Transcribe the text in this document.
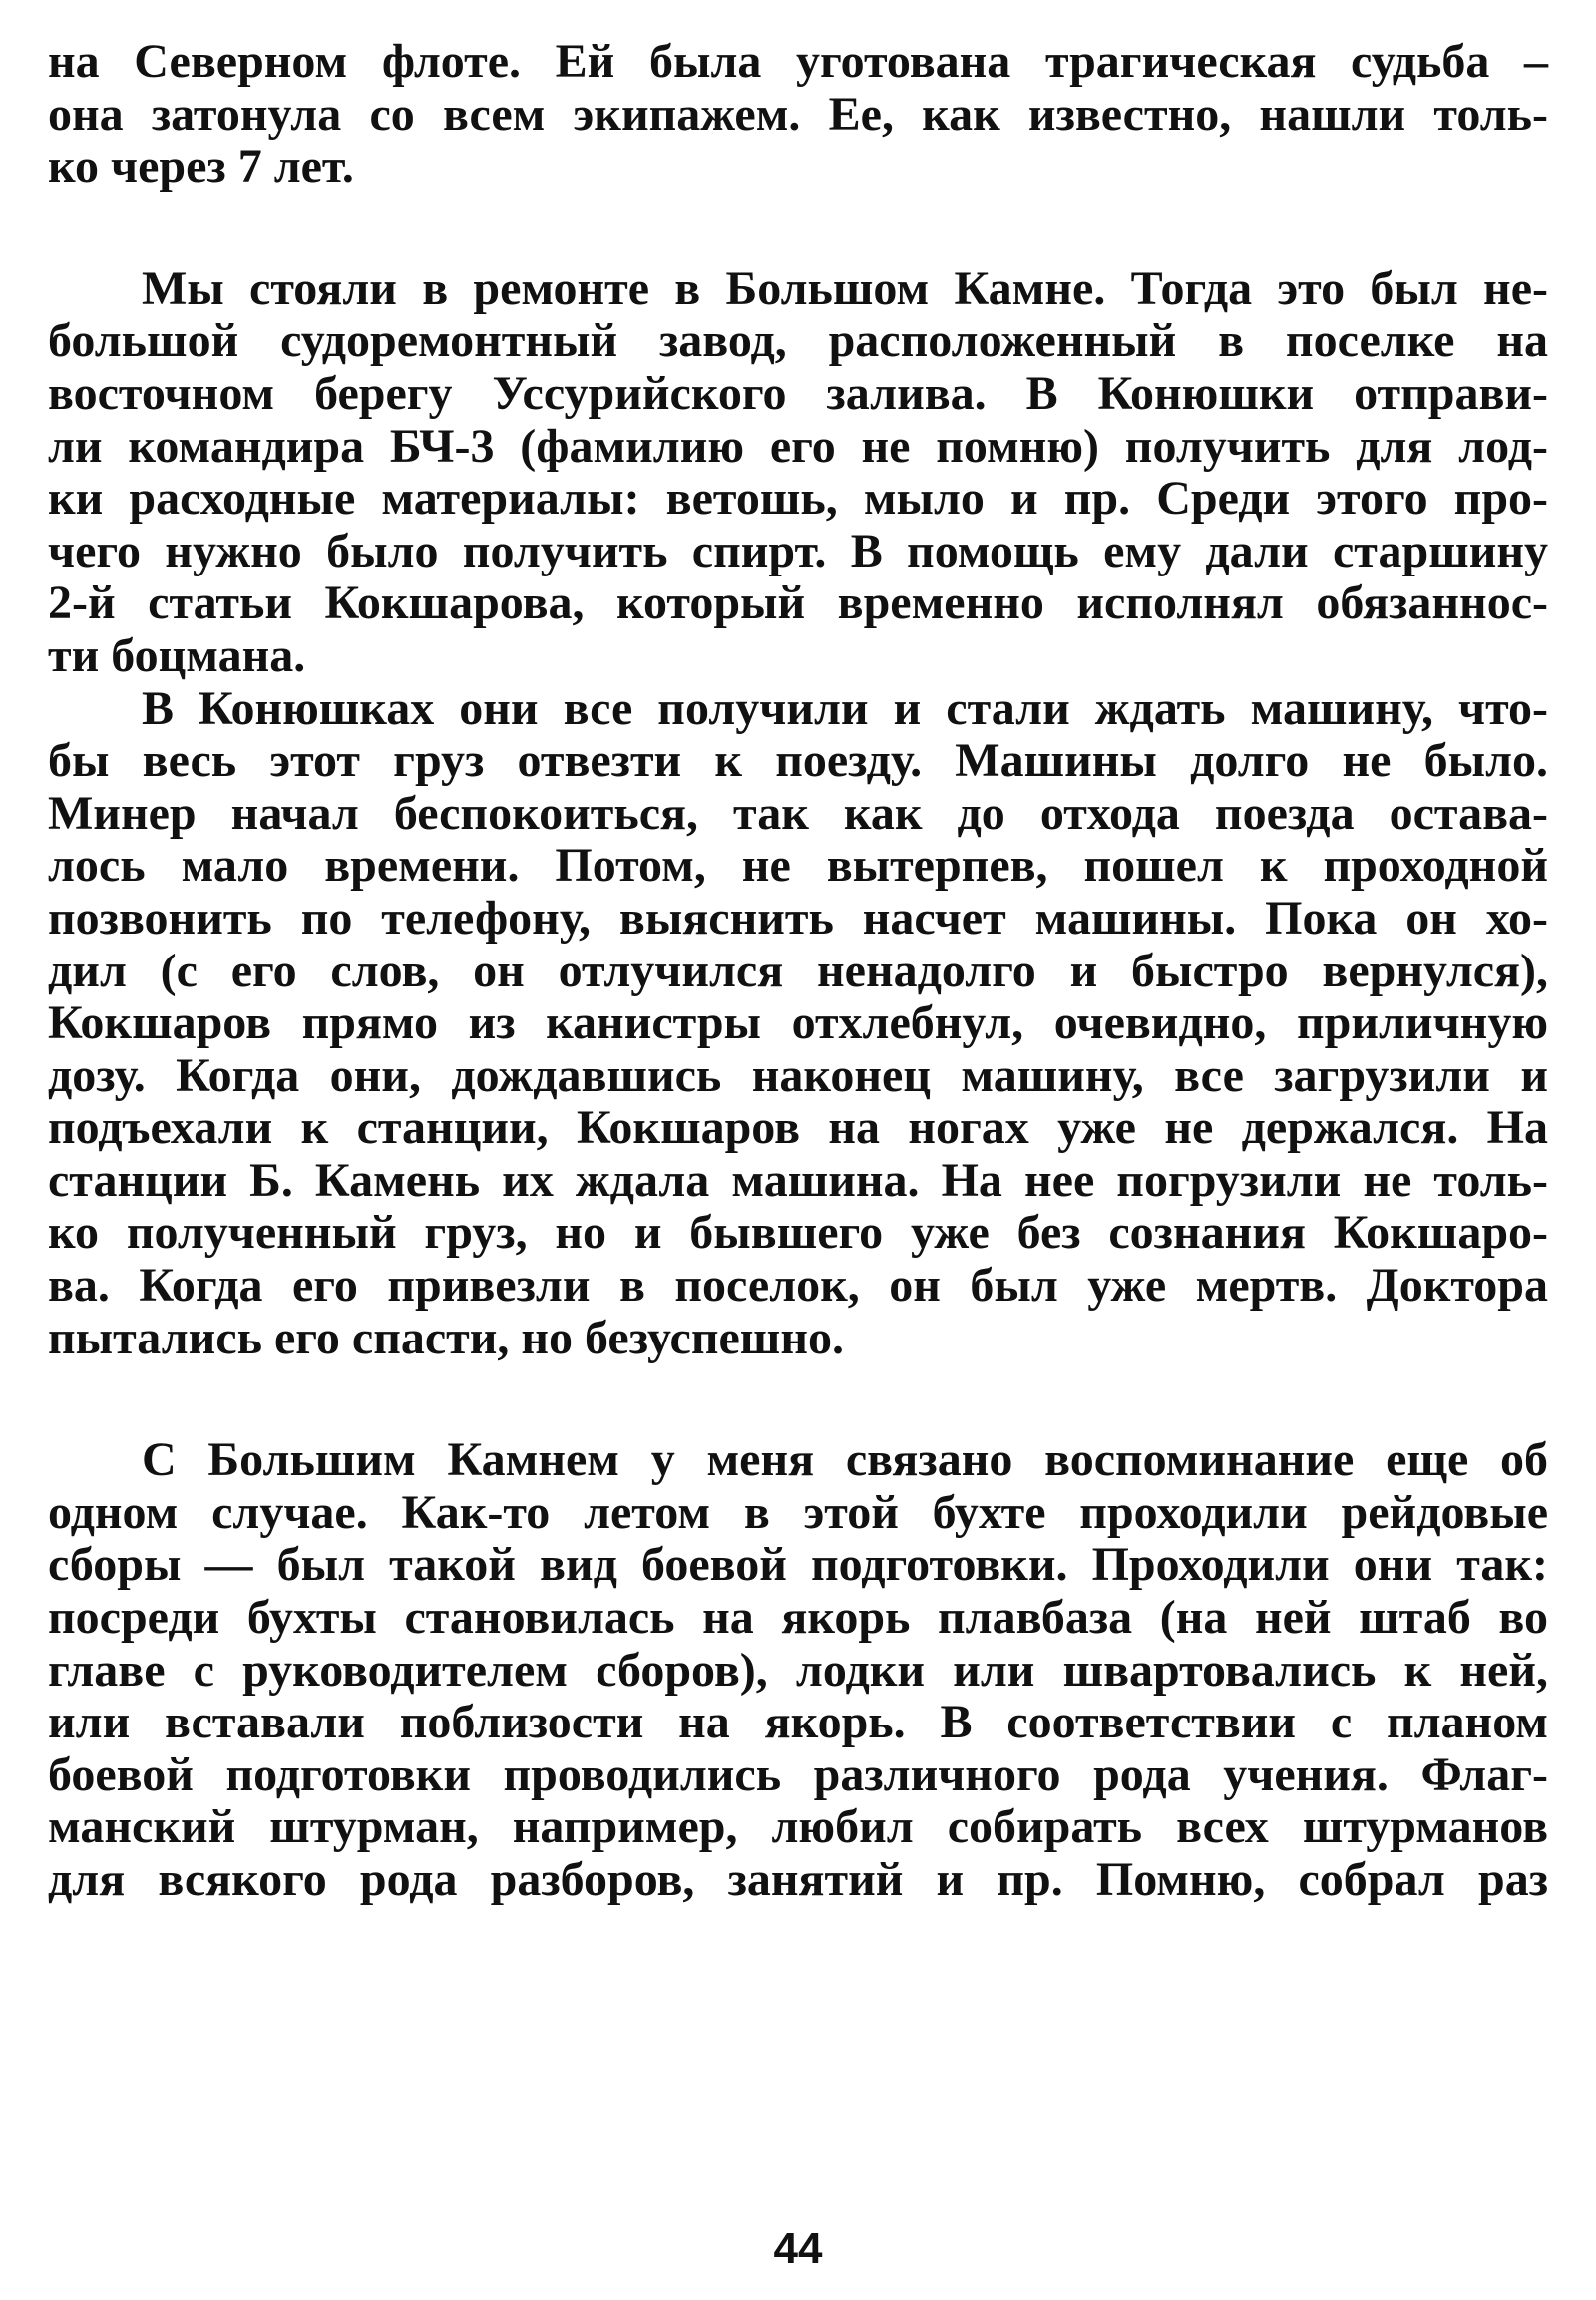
на Северном флоте. Ей была уготована трагическая судьба –
она затонула со всем экипажем. Ее, как известно, нашли толь-
ко через 7 лет.
Мы стояли в ремонте в Большом Камне. Тогда это был не-
большой судоремонтный завод, расположенный в поселке на
восточном берегу Уссурийского залива. В Конюшки отправи-
ли командира БЧ-3 (фамилию его не помню) получить для лод-
ки расходные материалы: ветошь, мыло и пр. Среди этого про-
чего нужно было получить спирт. В помощь ему дали старшину
2-й статьи Кокшарова, который временно исполнял обязаннос-
ти боцмана.
В Конюшках они все получили и стали ждать машину, что-
бы весь этот груз отвезти к поезду. Машины долго не было.
Минер начал беспокоиться, так как до отхода поезда остава-
лось мало времени. Потом, не вытерпев, пошел к проходной
позвонить по телефону, выяснить насчет машины. Пока он хо-
дил (с его слов, он отлучился ненадолго и быстро вернулся),
Кокшаров прямо из канистры отхлебнул, очевидно, приличную
дозу. Когда они, дождавшись наконец машину, все загрузили и
подъехали к станции, Кокшаров на ногах уже не держался. На
станции Б. Камень их ждала машина. На нее погрузили не толь-
ко полученный груз, но и бывшего уже без сознания Кокшаро-
ва. Когда его привезли в поселок, он был уже мертв. Доктора
пытались его спасти, но безуспешно.
С Большим Камнем у меня связано воспоминание еще об
одном случае. Как-то летом в этой бухте проходили рейдовые
сборы — был такой вид боевой подготовки. Проходили они так:
посреди бухты становилась на якорь плавбаза (на ней штаб во
главе с руководителем сборов), лодки или швартовались к ней,
или вставали поблизости на якорь. В соответствии с планом
боевой подготовки проводились различного рода учения. Флаг-
манский штурман, например, любил собирать всех штурманов
для всякого рода разборов, занятий и пр. Помню, собрал раз
44
